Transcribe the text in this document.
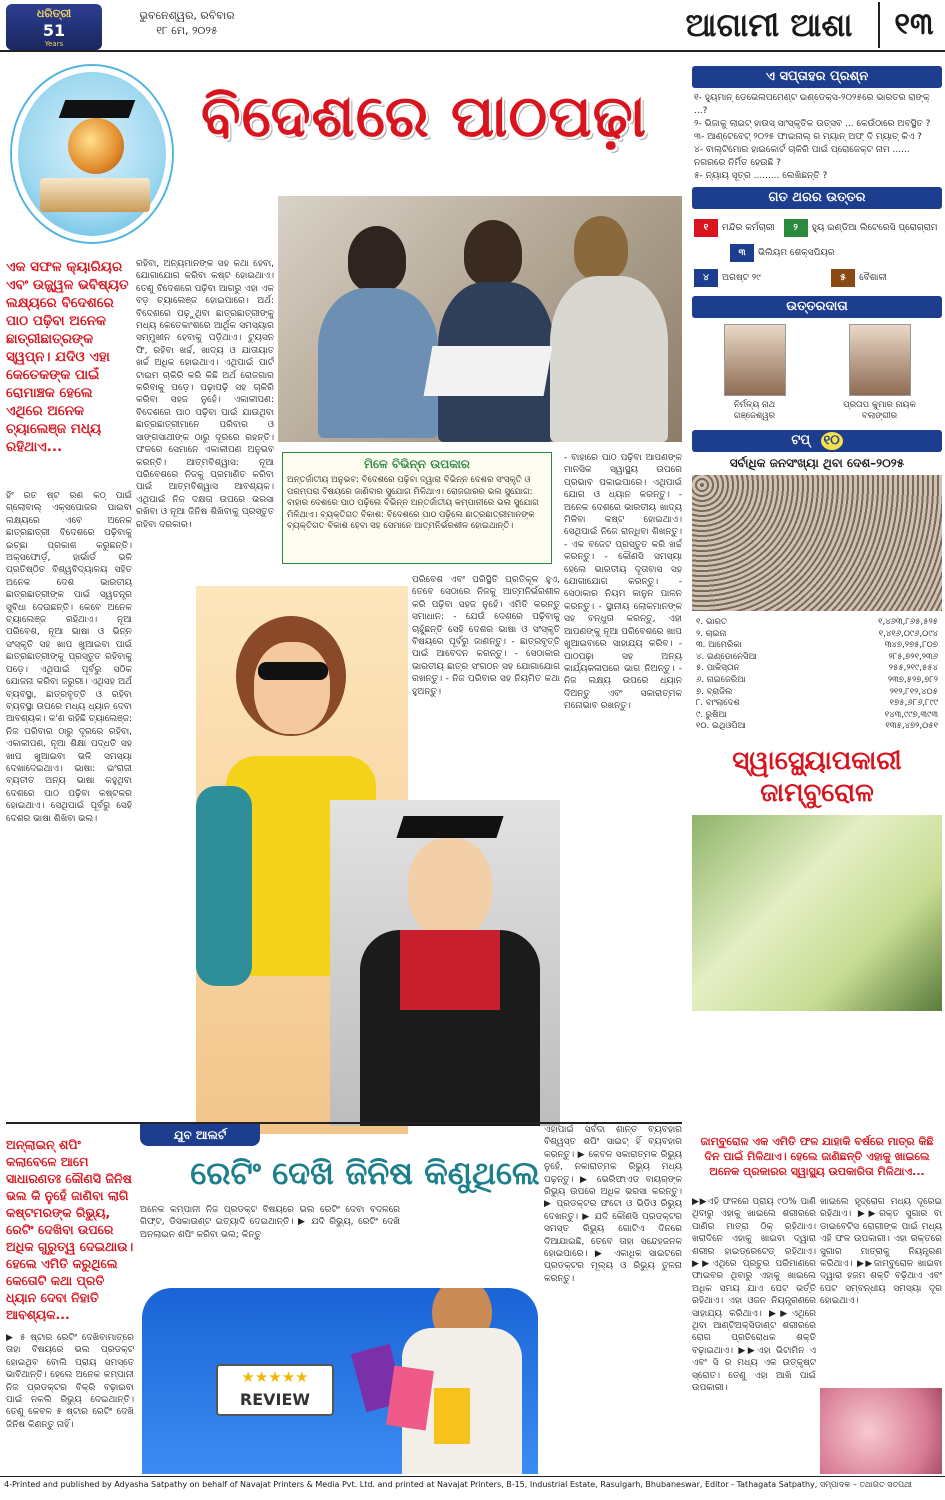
ଧରିତ୍ରୀ
51
Years
ଭୁବନେଶ୍ୱର, ରବିବାର
୧୮ ମେ, ୨୦୨୫	ଆଗାମୀ ଆଶା	୧୩
ବିଦେଶରେ ପାଠପଢ଼ା
ଏକ ସଫଳ କ୍ୟାରିୟର ଏବଂ ଉଜ୍ଜ୍ୱଳ ଭବିଷ୍ୟତ ଲକ୍ଷ୍ୟରେ ବିଦେଶରେ ପାଠ ପଢ଼ିବା ଅନେକ ଛାତ୍ରୀଛାତ୍ରଙ୍କ ସ୍ୱପ୍ନ। ଯଦିଓ ଏହା କେତେକଙ୍କ ପାଇଁ ରୋମାଞ୍ଚକ ହେଲେ ଏଥିରେ ଅନେକ ଚ୍ୟାଲେଞ୍ଜ ମଧ୍ୟ ରହିଥାଏ...
ହିଂ ରତ ଷ୍ଟ ରଣ କଠ୍ ପାଇଁ ଗ୍ଲୋବାଲ୍ ଏକ୍ସପୋଜର ପାଇବା ଲକ୍ଷ୍ୟରେ ଏବେ ଅନେକ ଛାତ୍ରଛାତ୍ରୀ ବିଦେଶରେ ପଢ଼ିବାକୁ ଇଚ୍ଛା ପ୍ରକାଶ କରୁଛନ୍ତି। ଅକ୍ସଫୋର୍ଡ଼, ହାର୍ଭାର୍ଡ ଭଳି ପ୍ରତିଷ୍ଠିତ ବିଶ୍ୱବିଦ୍ୟାଳୟ ସହିତ ଅନେକ ଦେଶ ଭାରତୀୟ ଛାତ୍ରଛାତ୍ରୀଙ୍କ ପାଇଁ ସ୍ୱତନ୍ତ୍ର ସୁବିଧା ଦେଉଛନ୍ତି। କେବେ ଅନେକ ଚ୍ୟାଲେଞ୍ଜ ରହିଥାଏ। ନୂଆ ପରିବେଶ, ନୂଆ ଭାଷା ଓ ଭିନ୍ନ ସଂସ୍କୃତି ସହ ଖାପ ଖୁଆଇବା ପାଇଁ ଛାତ୍ରଛାତ୍ରୀଙ୍କୁ ପ୍ରସ୍ତୁତ ରହିବାକୁ ପଡ଼େ। ଏଥିପାଇଁ ପୂର୍ବରୁ ସଠିକ ଯୋଜନା କରିବା ଜରୁରୀ। ଏଥିସହ ଅର୍ଥ ବ୍ୟବସ୍ଥା, ଛାତ୍ରବୃତ୍ତି ଓ ରହିବା ବ୍ୟବସ୍ଥା ଉପରେ ମଧ୍ୟ ଧ୍ୟାନ ଦେବା ଆବଶ୍ୟକ। କ'ଣ ରହିଛି ଚ୍ୟାଲେଞ୍ଜ: ନିଜ ପରିବାର ଠାରୁ ଦୂରରେ ରହିବା, ଏକାକୀପଣ, ନୂଆ ଶିକ୍ଷା ପଦ୍ଧତି ସହ ଖାପ ଖୁଆଇବା ଭଳି ସମସ୍ୟା ଦେଖାଦେଇଥାଏ। ଭାଷା: ଇଂରାଜୀ ବ୍ୟତୀତ ଅନ୍ୟ ଭାଷା କହୁଥିବା ଦେଶରେ ପାଠ ପଢ଼ିବା କଷ୍ଟକର ହୋଇଥାଏ। ସେଥିପାଇଁ ପୂର୍ବରୁ ସେହି ଦେଶର ଭାଷା ଶିଖିବା ଭଲ।
ରହିବା, ଅନ୍ୟମାନଙ୍କ ସହ କଥା ହେବା, ଯୋଗାଯୋଗ କରିବା କଷ୍ଟ ହୋଇଥାଏ। ତେଣୁ ବିଦେଶରେ ପଢ଼ିବା ଆଗରୁ ଏହା ଏକ ବଡ଼ ଚ୍ୟାଲେଞ୍ଜ ହୋଇପାରେ। ଅର୍ଥ: ବିଦେଶରେ ପଢ଼ୁଥିବା ଛାତ୍ରଛାତ୍ରୀଙ୍କୁ ମଧ୍ୟ କେତେକାଂଶରେ ଆର୍ଥିକ ସମସ୍ୟାର ସମ୍ମୁଖୀନ ହେବାକୁ ପଡ଼ିଥାଏ। ଟ୍ୟୁସନ ଫି, ରହିବା ଖର୍ଚ୍ଚ, ଖାଦ୍ୟ ଓ ଯାତାୟାତ ଖର୍ଚ୍ଚ ଅଧିକ ହୋଇଥାଏ। ଏଥିପାଇଁ ପାର୍ଟ ଟାଇମ ଚାକିରି କରି କିଛି ଅର୍ଥ ରୋଜଗାର କରିବାକୁ ପଡ଼େ। ପଢ଼ାପଢ଼ି ସହ ଚାକିରି କରିବା ସହଜ ନୁହେଁ। ଏକାକୀପଣ: ବିଦେଶରେ ପାଠ ପଢ଼ିବା ପାଇଁ ଯାଉଥିବା ଛାତ୍ରଛାତ୍ରୀମାନେ ପରିବାର ଓ ସାଙ୍ଗସାଥୀଙ୍କ ଠାରୁ ଦୂରରେ ରହନ୍ତି। ଫଳରେ ସେମାନେ ଏକାକୀପଣ ଅନୁଭବ କରନ୍ତି। ଆତ୍ମବିଶ୍ୱାସ: ନୂଆ ପରିବେଶରେ ନିଜକୁ ପ୍ରମାଣିତ କରିବା ପାଇଁ ଆତ୍ମବିଶ୍ୱାସ ଆବଶ୍ୟକ। ଏଥିପାଇଁ ନିଜ ଦକ୍ଷତା ଉପରେ ଭରସା ରଖିବା ଓ ନୂଆ ଜିନିଷ ଶିଖିବାକୁ ପ୍ରସ୍ତୁତ ରହିବା ଦରକାର।
ମିଳେ ବିଭିନ୍ନ ଉପକାର
ଅନ୍ତର୍ଜାତୀୟ ଅନୁଭବ: ବିଦେଶରେ ପଢ଼ିବା ଦ୍ୱାରା ବିଭିନ୍ନ ଦେଶର ସଂସ୍କୃତି ଓ ପରମ୍ପରା ବିଷୟରେ ଜାଣିବାର ସୁଯୋଗ ମିଳିଥାଏ। ରୋଜଗାରର ଭଲ ସୁଯୋଗ: ବାହାର ଦେଶରେ ପାଠ ପଢ଼ିଲେ ବିଭିନ୍ନ ଅନ୍ତର୍ଜାତୀୟ କମ୍ପାନୀରେ ଭଲ ସୁଯୋଗ ମିଳିଥାଏ। ବ୍ୟକ୍ତିଗତ ବିକାଶ: ବିଦେଶରେ ପାଠ ପଢ଼ିଲେ ଛାତ୍ରଛାତ୍ରୀମାନଙ୍କ ବ୍ୟକ୍ତିଗତ ବିକାଶ ହେବା ସହ ସେମାନେ ଆତ୍ମନିର୍ଭରଶୀଳ ହୋଇଥାନ୍ତି।
ପରିବେଶ ଏବଂ ପରିସ୍ଥିତି ପ୍ରତିକୂଳ ହୁଏ, ତେବେ ସେଠାରେ ନିଜକୁ ଆତ୍ମନିର୍ଭରଶୀଳ କରି ପଢ଼ିବା ସହଜ ନୁହେଁ। ଏମିତି କରନ୍ତୁ ସମାଧାନ: - ଯେଉଁ ଦେଶରେ ପଢ଼ିବାକୁ ଚାହୁଁଛନ୍ତି ସେହି ଦେଶର ଭାଷା ଓ ସଂସ୍କୃତି ବିଷୟରେ ପୂର୍ବରୁ ଜାଣନ୍ତୁ। - ଛାତ୍ରବୃତ୍ତି ପାଇଁ ଆବେଦନ କରନ୍ତୁ। - ସେଠାକାର ଭାରତୀୟ ଛାତ୍ର ସଂଗଠନ ସହ ଯୋଗାଯୋଗ ରଖନ୍ତୁ। - ନିଜ ପରିବାର ସହ ନିୟମିତ କଥା ହୁଅନ୍ତୁ।
- ବାହାରେ ପାଠ ପଢ଼ିବା ଆପଣଙ୍କ ମାନସିକ ସ୍ୱାସ୍ଥ୍ୟ ଉପରେ ପ୍ରଭାବ ପକାଇପାରେ। ଏଥିପାଇଁ ଯୋଗ ଓ ଧ୍ୟାନ କରନ୍ତୁ। - ଅନେକ ଦେଶରେ ଭାରତୀୟ ଖାଦ୍ୟ ମିଳିବା କଷ୍ଟ ହୋଇଥାଏ। ସେଥିପାଇଁ ନିଜେ ରାନ୍ଧିବା ଶିଖନ୍ତୁ। - ଏକ ବଜେଟ ପ୍ରସ୍ତୁତ କରି ଖର୍ଚ୍ଚ କରନ୍ତୁ। - କୌଣସି ସମସ୍ୟା ହେଲେ ଭାରତୀୟ ଦୂତାବାସ ସହ ଯୋଗାଯୋଗ କରନ୍ତୁ। - ସେଠାକାର ନିୟମ କାନୁନ ପାଳନ କରନ୍ତୁ। - ସ୍ଥାନୀୟ ଲୋକମାନଙ୍କ ସହ ବନ୍ଧୁତା କରନ୍ତୁ, ଏହା ଆପଣଙ୍କୁ ନୂଆ ପରିବେଶରେ ଖାପ ଖୁଆଇବାରେ ସାହାଯ୍ୟ କରିବ। - ପାଠପଢ଼ା ସହ ଅନ୍ୟ କାର୍ଯ୍ୟକଳାପରେ ଭାଗ ନିଅନ୍ତୁ। - ନିଜ ଲକ୍ଷ୍ୟ ଉପରେ ଧ୍ୟାନ ଦିଅନ୍ତୁ ଏବଂ ସକାରାତ୍ମକ ମନୋଭାବ ରଖନ୍ତୁ।
ଏ ସପ୍ତାହର ପ୍ରଶ୍ନ
୧- ହ୍ୟୁମାନ୍ ଡେଭେଲପମେଣ୍ଟ ଇଣ୍ଡେକ୍ସ-୨୦୨୫ରେ ଭାରତର ରାଙ୍କ୍ ...?
୨- ଭିଜାକୁ ଲାଇଟ୍ ହାଉସ୍ ସାଂସ୍କୃତିକ ଉତ୍ସବ ... କେଉଁଠାରେ ଅବସ୍ଥିତ ?
୩- ଆଣ୍ଟେବେଟ୍ ୨୦୨୫ ଫାଇନାଲ୍ ର ମ୍ୟାନ୍ ଅଫ୍ ଦି ମ୍ୟାଚ୍ କିଏ ?
୪- ବାଲ୍ଟିମୋର ହାଇକୋର୍ଟ ଚାକିରି ପାଇଁ ପ୍ରୋଜେକ୍ଟ ନାମ ...... ନଗରରେ ନିର୍ମିତ ହେଉଛି ?
୫- ନ୍ୟାୟ ସୂତ୍ର ......... ଲେଖିଛନ୍ତି ?
ଗତ ଥରର ଉତ୍ତର
୧	ମନ୍ଦିର କର୍ମଚାରୀ
	୨	ହ୍ୟୁ ଇଣ୍ଡିଆ ଲିଟେରେସି ପ୍ରୋଗ୍ରାମ
୩	ଭିଲିୟମ ଶେକ୍ସପିୟର
୪	ଅଗଷ୍ଟ ୨୯
	୫	ବୈଶାଳୀ
ଉତ୍ତରଦାତା
ନିର୍ମଳ୍ୟ ନାଥ
ଗଞ୍ଜେଶ୍ୱର
ପ୍ରତାପ କୁମାର ନାୟକ
ବଲାଙ୍ଗୀର
ଟପ୍ ୧୦
ସର୍ବାଧିକ ଜନସଂଖ୍ୟା ଥିବା ଦେଶ–୨୦୨୫
୧. ଭାରତ	୧,୪୬୩,୮୬୫,୫୨୫
୨. ଚାଇନା	୧,୪୧୬,୦୯୬,୦୯୪
୩. ଆମେରିକା	୩୪୭,୨୭୫,୮୦୭
୪. ଇଣ୍ଡୋନେସିଆ	୨୮୫,୭୨୧,୨୩୬
୫. ପାକିସ୍ତାନ	୨୫୫,୨୧୯,୫୫୪
୬. ନାଇଜେରିଆ	୨୩୭,୫୨୭,୭୮୨
୭. ବ୍ରାଜିଲ	୨୧୨,୮୧୨,୪୦୫
୮. ବାଂଲାଦେଶ	୧୭୫,୬୮୬,୮୯୯
୯. ରୁଷିଆ	୧୪୩,୯୯୭,୩୯୩
୧୦. ଇଥିଓପିଆ	୧୩୫,୪୭୨,୦୫୧
ସ୍ୱାସ୍ଥ୍ୟୋପକାରୀ ଜାମ୍ବୁରୋଳ
ଯୁବ ଆଲର୍ଟ
ରେଟିଂ ଦେଖି ଜିନିଷ କିଣୁଥିଲେ
ଅନ୍‌ଲାଇନ୍ ଶପିଂ କଲାବେଳେ ଆମେ ସାଧାରଣତଃ କୌଣସି ଜିନିଷ ଭଲ କି ନୁହେଁ ଜାଣିବା ଲାଗି କଷ୍ଟମରଙ୍କ ରିଭ୍ୟୁ, ରେଟିଂ ଦେଖିବା ଉପରେ ଅଧିକ ଗୁରୁତ୍ୱ ଦେଇଥାଉ। ହେଲେ ଏମିତି କରୁଥିଲେ କେତୋଟି କଥା ପ୍ରତି ଧ୍ୟାନ ଦେବା ନିହାତି ଆବଶ୍ୟକ...
▶ ୫ ଷ୍ଟାର ରେଟିଂ ଦେଖିବାମାତ୍ରେ ତାହା ବିଷୟରେ ଭଲ ପ୍ରଡକ୍ଟ ହୋଇଥିବ ବୋଲି ପ୍ରାୟ ସମସ୍ତେ ଭାବିଥାନ୍ତି। ହେଲେ ଅନେକ କମ୍ପାନୀ ନିଜ ପ୍ରଡକ୍ଟର ବିକ୍ରି ବଢ଼ାଇବା ପାଇଁ ନକଲି ରିଭ୍ୟୁ ଦେଇଥାନ୍ତି। ତେଣୁ କେବଳ ୫ ଷ୍ଟାର ରେଟିଂ ଦେଖି ଜିନିଷ କିଣନ୍ତୁ ନାହିଁ।
ଅନେକ କମ୍ପାନୀ ନିଜ ପ୍ରଡକ୍ଟ ବିଷୟରେ ଭଲ ରେଟିଂ ଦେବା ବଦଳରେ ଗିଫ୍ଟ, ଡିସକାଉଣ୍ଟ ଇତ୍ୟାଦି ଦେଇଥାନ୍ତି। ▶ ଯଦି ରିଭ୍ୟୁ, ରେଟିଂ ଦେଖି ଅନଲାଇନ ଶପିଂ କରିବା ଭଲ; କିନ୍ତୁ
★★★★★
REVIEW
ଏହାପାଇଁ ସର୍ବଦା ଶାନ୍ତ ବ୍ୟବହାର ବିଶ୍ୱସ୍ତ ଶପିଂ ସାଇଟ୍ ହିଁ ବ୍ୟବହାର କରନ୍ତୁ। ▶ କେବଳ ସକାରାତ୍ମକ ରିଭ୍ୟୁ ନୁହେଁ, ନକାରାତ୍ମକ ରିଭ୍ୟୁ ମଧ୍ୟ ପଢ଼ନ୍ତୁ। ▶ ଭେରିଫାଏଡ ବାୟର୍‌ଙ୍କ ରିଭ୍ୟୁ ଉପରେ ଅଧିକ ଭରସା କରନ୍ତୁ। ▶ ପ୍ରଡକ୍ଟର ଫଟୋ ଓ ଭିଡିଓ ରିଭ୍ୟୁ ଦେଖନ୍ତୁ। ▶ ଯଦି କୌଣସି ପ୍ରଡକ୍ଟର ସମସ୍ତ ରିଭ୍ୟୁ ଗୋଟିଏ ଦିନରେ ଦିଆଯାଇଛି, ତେବେ ତାହା ସନ୍ଦେହଜନକ ହୋଇପାରେ। ▶ ଏକାଧିକ ସାଇଟରେ ପ୍ରଡକ୍ଟର ମୂଲ୍ୟ ଓ ରିଭ୍ୟୁ ତୁଳନା କରନ୍ତୁ।
ଜାମ୍ବୁରୋଳ ଏକ ଏମିତି ଫଳ ଯାହାକି ବର୍ଷରେ ମାତ୍ର କିଛି ଦିନ ପାଇଁ ମିଳିଥାଏ। ହେଲେ ଜାଣିଛନ୍ତି ଏହାକୁ ଖାଇଲେ ଅନେକ ପ୍ରକାରର ସ୍ୱାସ୍ଥ୍ୟ ଉପକାରିତା ମିଳିଥାଏ...
▶▶ଏହି ଫଳରେ ପ୍ରାୟ ୯୦% ପାଣି ଥିବାରୁ ଏହାକୁ ଖାଇଲେ ଶରୀରରେ ପାଣିର ମାତ୍ରା ଠିକ୍ ରହିଥାଏ। ଖରାଦିନେ ଏହାକୁ ଖାଇବା ଦ୍ୱାରା ଶରୀର ହାଇଡ୍ରେଟେଡ୍ ରହିଥାଏ। ▶▶ଏଥିରେ ପ୍ରଚୁର ପରିମାଣରେ ଫାଇବର ଥିବାରୁ ଏହାକୁ ଖାଇଲେ ଅଧିକ ସମୟ ଯାଏ ପେଟ ଭର୍ତ୍ତି ରହିଥାଏ। ଏହା ଓଜନ ନିୟନ୍ତ୍ରଣରେ ସାହାଯ୍ୟ କରିଥାଏ। ▶▶ଏଥିରେ ଥିବା ଆଣ୍ଟିଅକ୍ସିଡାଣ୍ଟ ଶରୀରରେ ରୋଗ ପ୍ରତିରୋଧକ ଶକ୍ତି ବଢ଼ାଇଥାଏ। ▶▶ଏହା ଭିଟାମିନ ଏ ଏବଂ ସି ର ମଧ୍ୟ ଏକ ଉତ୍କୃଷ୍ଟ ସ୍ରୋତ। ତେଣୁ ଏହା ଆଖି ପାଇଁ ଉପକାରୀ।
ଖାଇଲେ ହୃଦ୍‌ରୋଗ ମଧ୍ୟ ଦୂରେଇ ରହିଥାଏ। ▶▶ରକ୍ତ ସୁଗାର ବା ଡାଇବେଟିସ ରୋଗୀଙ୍କ ପାଇଁ ମଧ୍ୟ ଏହି ଫଳ ଉପକାରୀ। ଏହା ରକ୍ତରେ ସୁଗାର ମାତ୍ରାକୁ ନିୟନ୍ତ୍ରଣ କରିଥାଏ। ▶▶ଜାମ୍ବୁରୋଳ ଖାଇବା ଦ୍ୱାରା ହଜମ ଶକ୍ତି ବଢ଼ିଥାଏ ଏବଂ ପେଟ ସମ୍ବନ୍ଧୀୟ ସମସ୍ୟା ଦୂର ହୋଇଥାଏ।
4-Printed and published by Adyasha Satpathy on behalf of Navajat Printers & Media Pvt. Ltd. and printed at Navajat Printers, B-15, Industrial Estate, Rasulgarh, Bhubaneswar, Editor - Tathagata Satpathy, ସମ୍ପାଦକ – ତଥାଗତ ସତପଥୀ
